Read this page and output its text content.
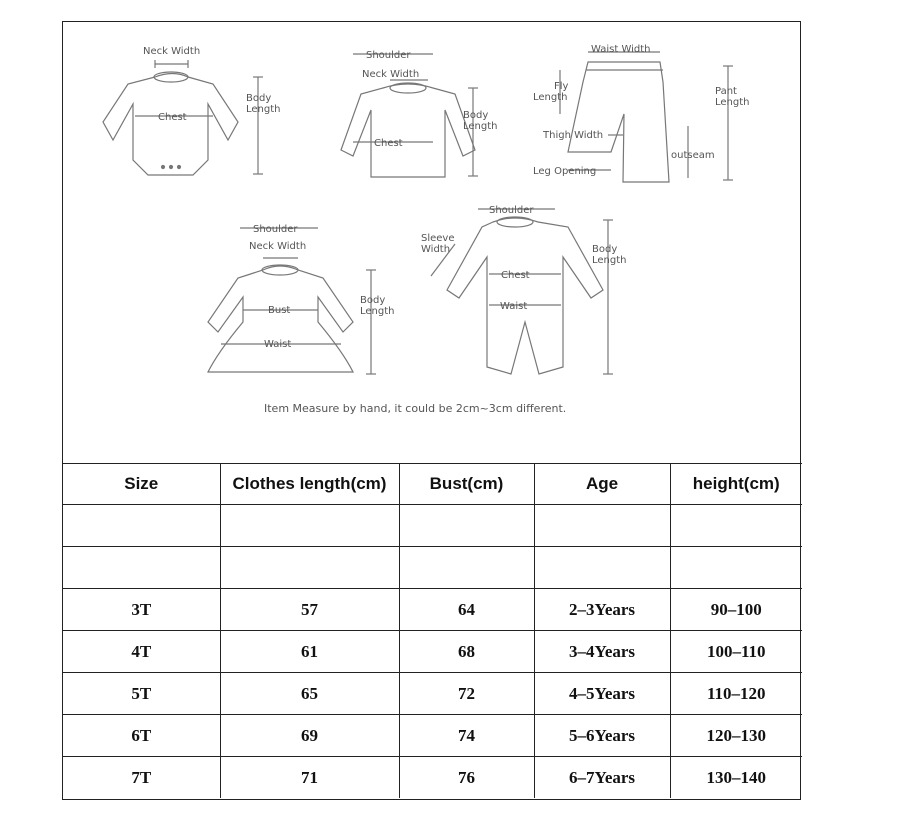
Neck Width
Chest
Body
Length
Shoulder
Neck Width
Chest
Body
Length
Waist Width
Fly
Length
Pant
Length
Thigh Width
outseam
Leg Opening
Shoulder
Neck Width
Bust
Waist
Body
Length
Shoulder
Sleeve
Width
Chest
Waist
Body
Length
Item Measure by hand, it could be 2cm~3cm different.
Size	Clothes length(cm)	Bust(cm)	Age	height(cm)

3T	57	64	2–3Years	90–100
4T	61	68	3–4Years	100–110
5T	65	72	4–5Years	110–120
6T	69	74	5–6Years	120–130
7T	71	76	6–7Years	130–140
